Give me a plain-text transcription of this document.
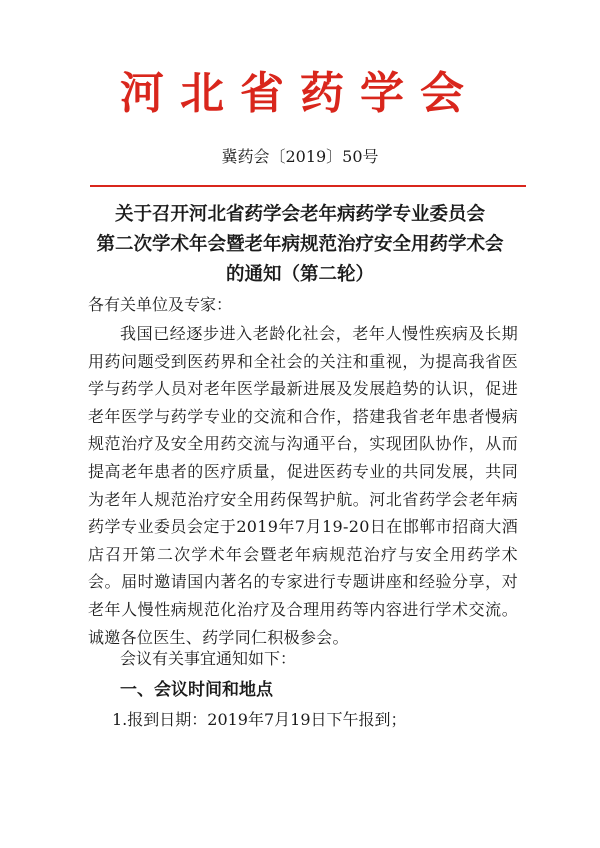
河北省药学会
冀药会〔2019〕50号
关于召开河北省药学会老年病药学专业委员会
第二次学术年会暨老年病规范治疗安全用药学术会
的通知（第二轮）
各有关单位及专家：
我国已经逐步进入老龄化社会，老年人慢性疾病及长期用药问题受到医药界和全社会的关注和重视，为提高我省医学与药学人员对老年医学最新进展及发展趋势的认识，促进老年医学与药学专业的交流和合作，搭建我省老年患者慢病规范治疗及安全用药交流与沟通平台，实现团队协作，从而提高老年患者的医疗质量，促进医药专业的共同发展，共同为老年人规范治疗安全用药保驾护航。河北省药学会老年病药学专业委员会定于2019年7月19-20日在邯郸市招商大酒店召开第二次学术年会暨老年病规范治疗与安全用药学术会。届时邀请国内著名的专家进行专题讲座和经验分享，对老年人慢性病规范化治疗及合理用药等内容进行学术交流。诚邀各位医生、药学同仁积极参会。
会议有关事宜通知如下：
一、会议时间和地点
1.报到日期：2019年7月19日下午报到；
